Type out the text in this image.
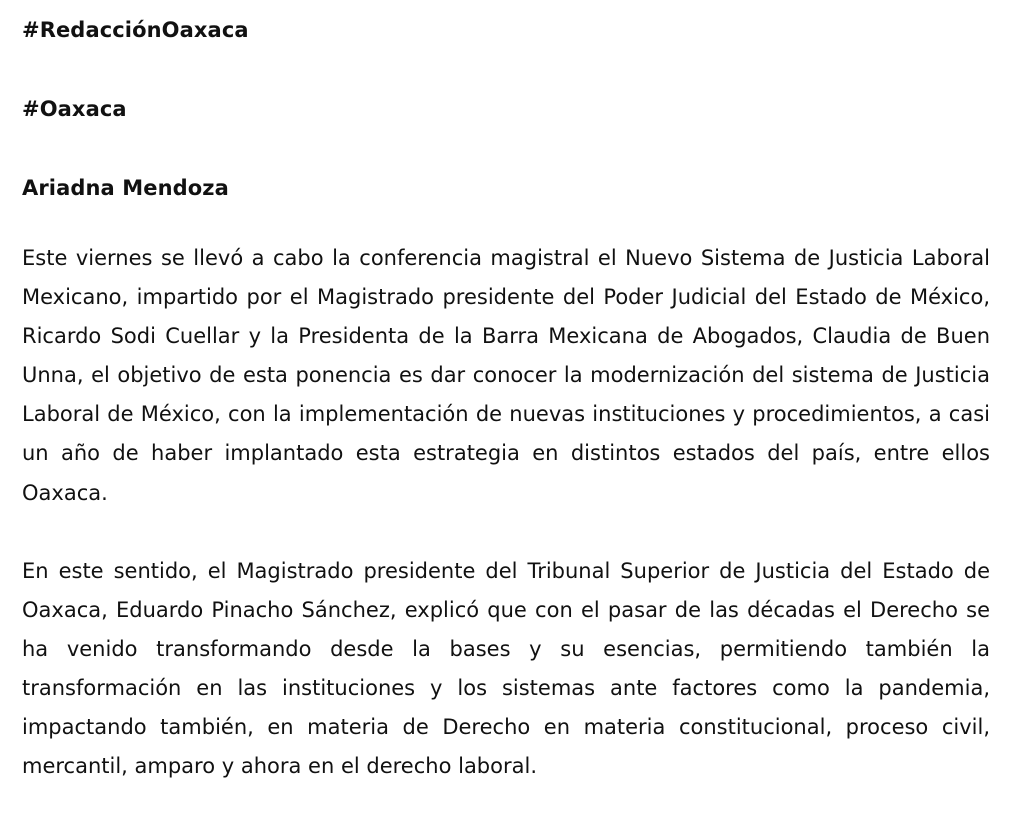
#RedacciónOaxaca

#Oaxaca

Ariadna Mendoza

Este viernes se llevó a cabo la conferencia magistral el Nuevo Sistema de Justicia Laboral Mexicano, impartido por el Magistrado presidente del Poder Judicial del Estado de México, Ricardo Sodi Cuellar y la Presidenta de la Barra Mexicana de Abogados, Claudia de Buen Unna, el objetivo de esta ponencia es dar conocer la modernización del sistema de Justicia Laboral de México, con la implementación de nuevas instituciones y procedimientos, a casi un año de haber implantado esta estrategia en distintos estados del país, entre ellos Oaxaca.

En este sentido, el Magistrado presidente del Tribunal Superior de Justicia del Estado de Oaxaca, Eduardo Pinacho Sánchez, explicó que con el pasar de las décadas el Derecho se ha venido transformando desde la bases y su esencias, permitiendo también la transformación en las instituciones y los sistemas ante factores como la pandemia, impactando también, en materia de Derecho en materia constitucional, proceso civil, mercantil, amparo y ahora en el derecho laboral.
